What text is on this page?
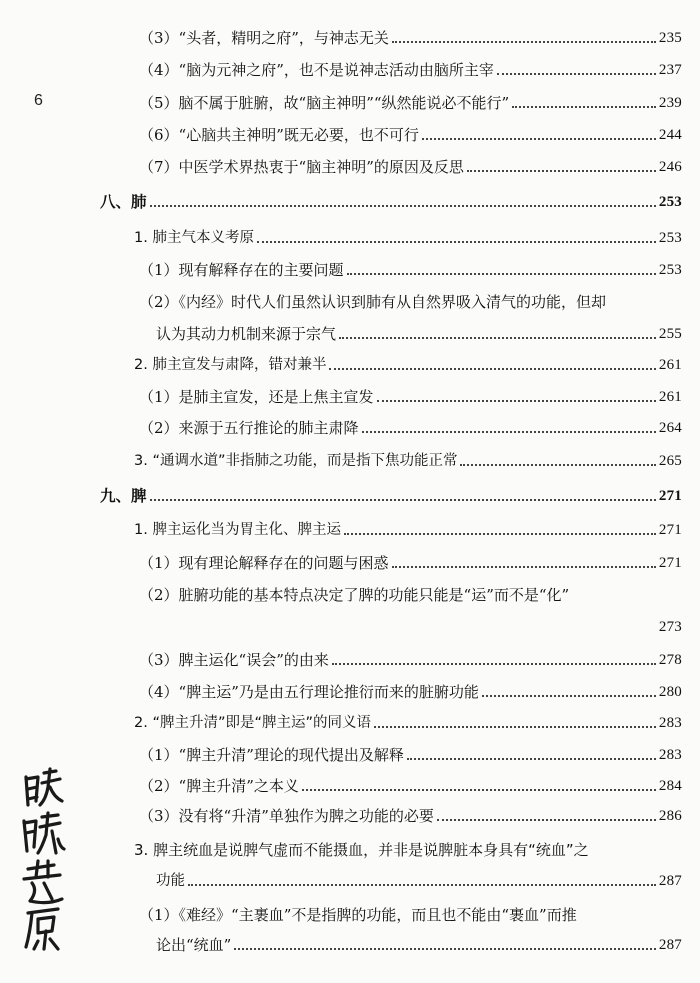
6
（3）“头者，精明之府”，与神志无关	235
（4）“脑为元神之府”，也不是说神志活动由脑所主宰	237
（5）脑不属于脏腑，故“脑主神明”“纵然能说必不能行”	239
（6）“心脑共主神明”既无必要，也不可行	244
（7）中医学术界热衷于“脑主神明”的原因及反思	246
八、肺	253
1. 肺主气本义考原	253
（1）现有解释存在的主要问题	253
（2）《内经》时代人们虽然认识到肺有从自然界吸入清气的功能，但却
认为其动力机制来源于宗气	255
2. 肺主宣发与肃降，错对兼半	261
（1）是肺主宣发，还是上焦主宣发	261
（2）来源于五行推论的肺主肃降	264
3. “通调水道”非指肺之功能，而是指下焦功能正常	265
九、脾	271
1. 脾主运化当为胃主化、脾主运	271
（1）现有理论解释存在的问题与困惑	271
（2）脏腑功能的基本特点决定了脾的功能只能是“运”而不是“化”
273
（3）脾主运化“误会”的由来	278
（4）“脾主运”乃是由五行理论推衍而来的脏腑功能	280
2. “脾主升清”即是“脾主运”的同义语	283
（1）“脾主升清”理论的现代提出及解释	283
（2）“脾主升清”之本义	284
（3）没有将“升清”单独作为脾之功能的必要	286
3. 脾主统血是说脾气虚而不能摄血，并非是说脾脏本身具有“统血”之
功能	287
（1）《难经》“主裹血”不是指脾的功能，而且也不能由“裹血”而推
论出“统血”	287
